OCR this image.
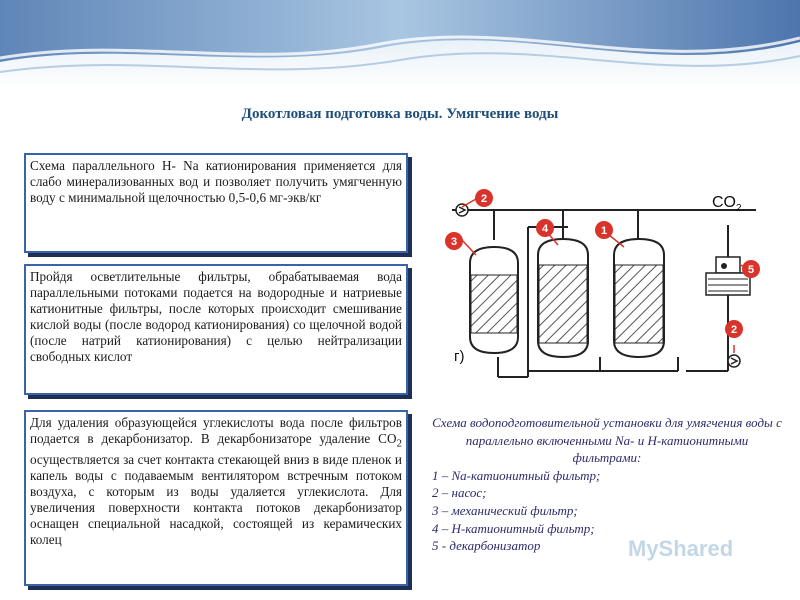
Докотловая подготовка воды. Умягчение воды
Схема параллельного Н- Na катионирования применяется для слабо минерализованных вод и позволяет получить умягченную воду с минимальной щелочностью 0,5-0,6 мг-экв/кг
Пройдя осветлительные фильтры, обрабатываемая вода параллельными потоками подается на водородные и натриевые катионитные фильтры, после которых происходит смешивание кислой воды (после водород катионирования) со щелочной водой (после натрий катионирования) с целью нейтрализации свободных кислот
Для удаления образующейся углекислоты вода после фильтров подается в декарбонизатор. В декарбонизаторе удаление $СО_2$ осуществляется за счет контакта стекающей вниз в виде пленок и капель воды с подаваемым вентилятором встречным потоком воздуха, с которым из воды удаляется углекислота. Для увеличения поверхности контакта потоков декарбонизатор оснащен специальной насадкой, состоящей из керамических колец
$CO_2$
г)
2
3
4	1
5
2
Схема водоподготовительной установки для умягчения воды с параллельно включенными Na- и Н-катионитными фильтрами:
1 – Na-катионитный фильтр;
2 – насос;
3 – механический фильтр;
4 – Н-катионитный фильтр;
5 - декарбонизатор	MyShared
